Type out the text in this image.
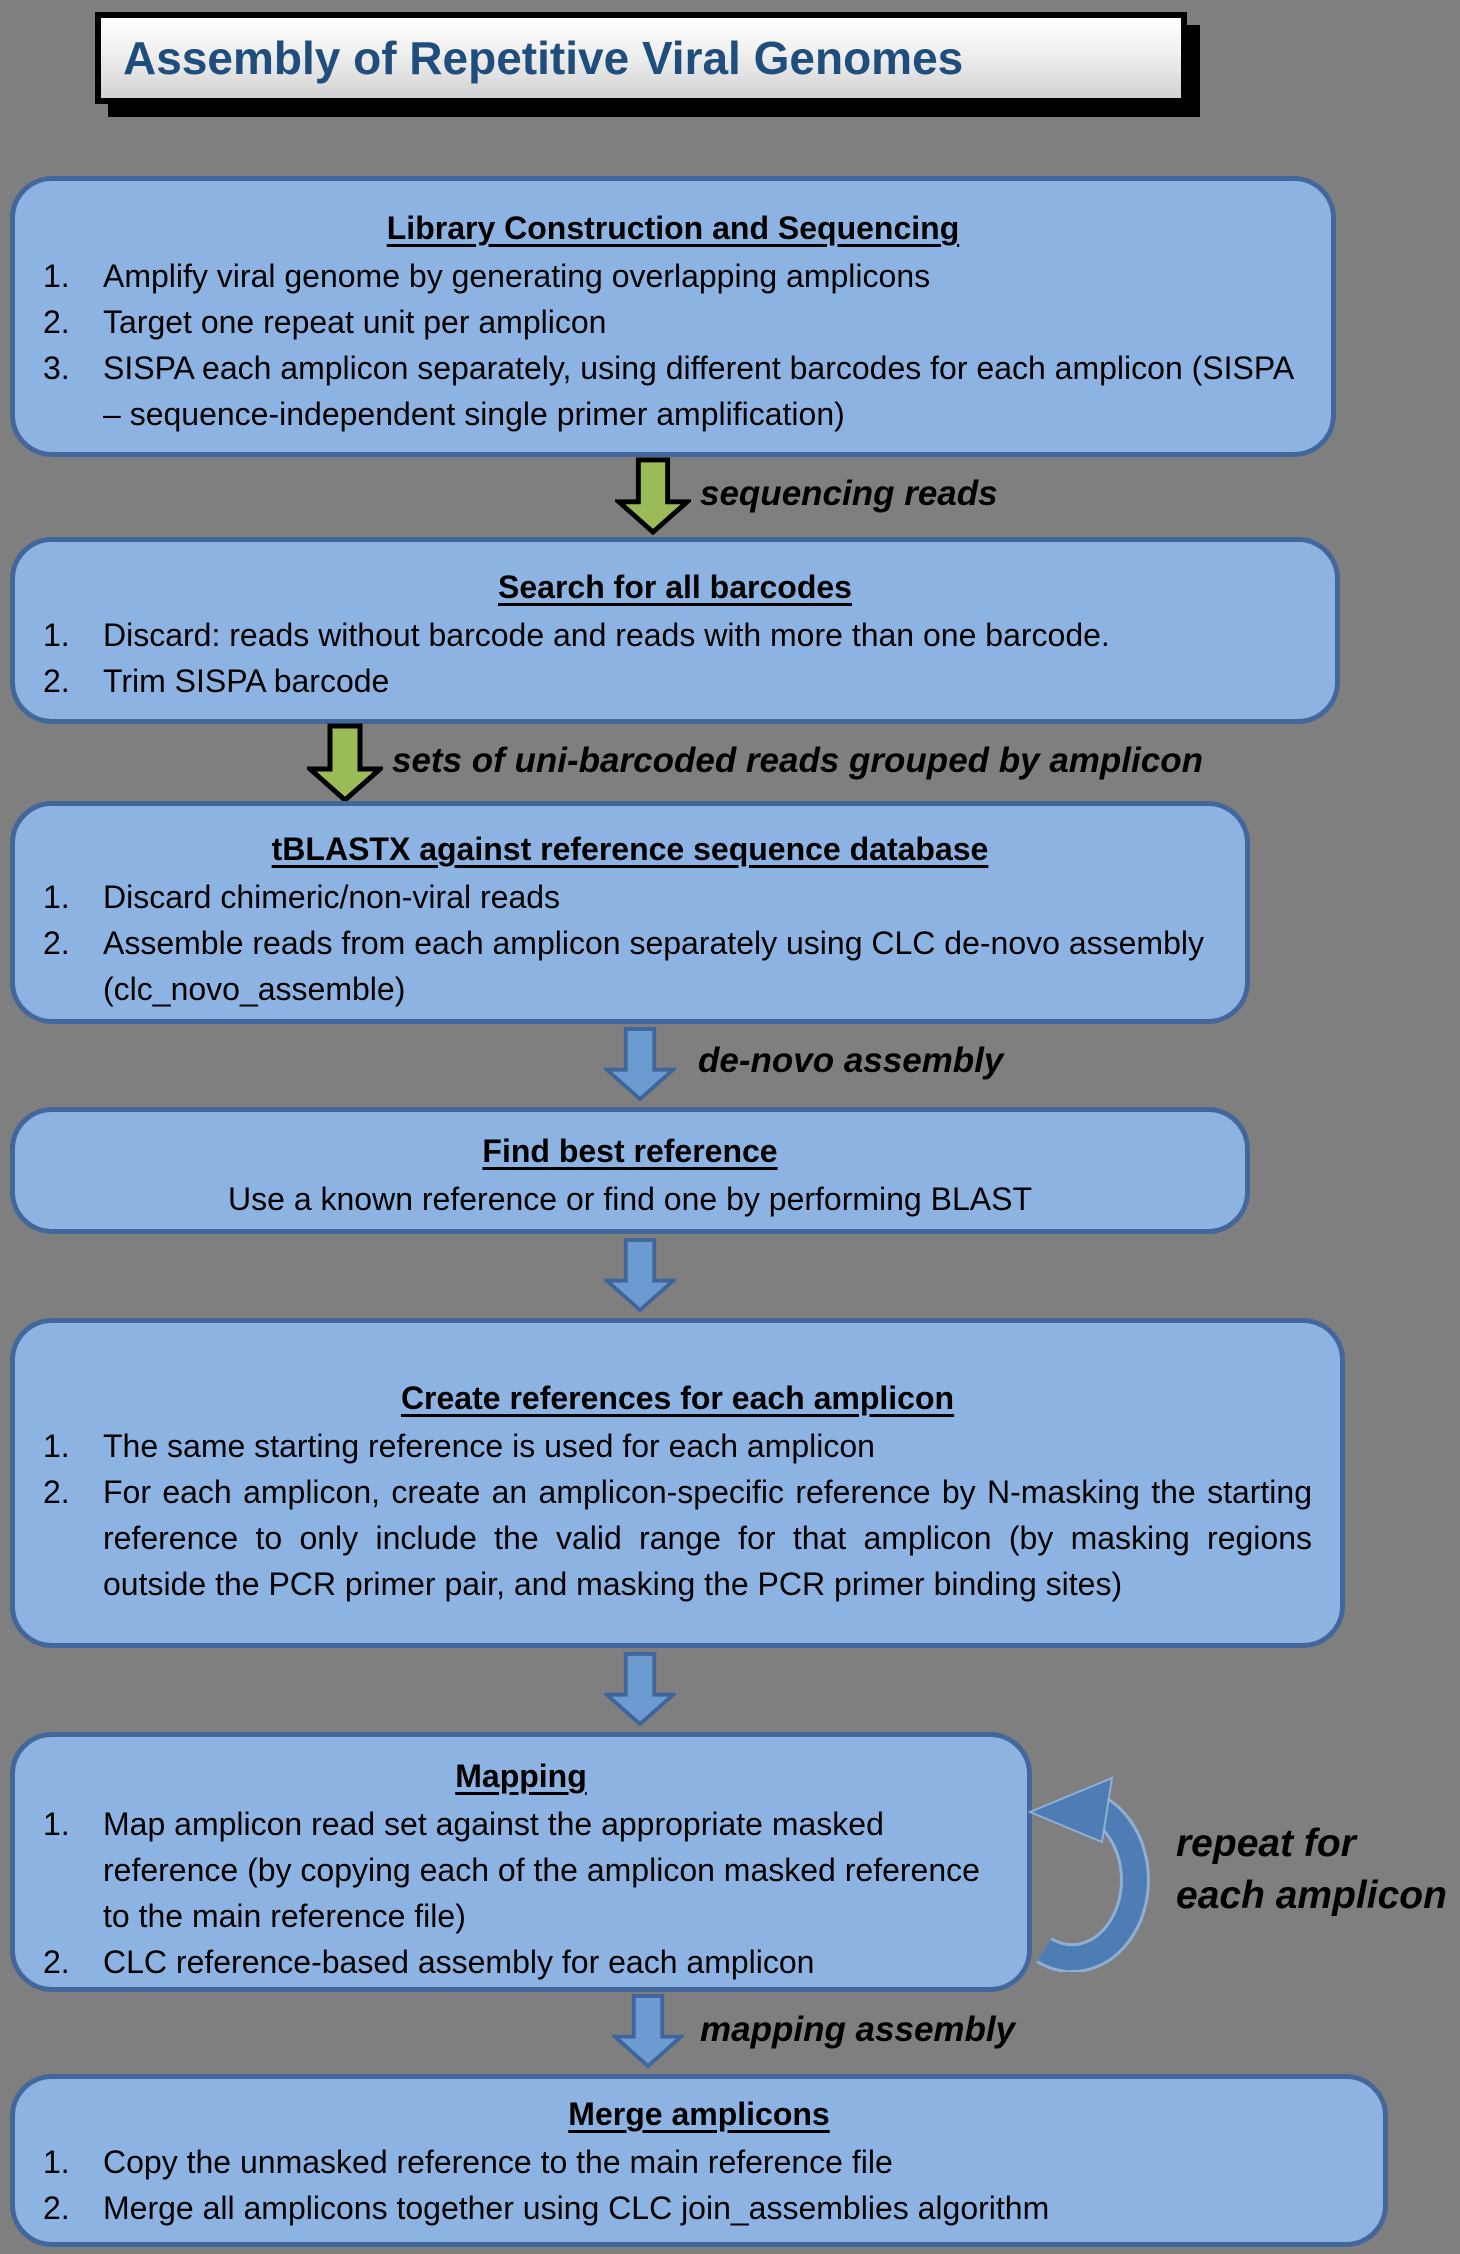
Assembly of Repetitive Viral Genomes
Library Construction and Sequencing
1.	Amplify viral genome by generating overlapping amplicons
2.	Target one repeat unit per amplicon
3.	SISPA each amplicon separately, using different barcodes for each amplicon (SISPA – sequence-independent single primer amplification)
sequencing reads
Search for all barcodes
1.	Discard: reads without barcode and reads with more than one barcode.
2.	Trim SISPA barcode
sets of uni-barcoded reads grouped by amplicon
tBLASTX against reference sequence database
1.	Discard chimeric/non-viral reads
2.	Assemble reads from each amplicon separately using CLC de-novo assembly (clc_novo_assemble)
de-novo assembly
Find best reference
Use a known reference or find one by performing BLAST
Create references for each amplicon
1.	The same starting reference is used for each amplicon
2.	For each amplicon, create an amplicon-specific reference by N-masking the starting reference to only include the valid range for that amplicon (by masking regions outside the PCR primer pair, and masking the PCR primer binding sites)
Mapping
1.	Map amplicon read set against the appropriate masked reference (by copying each of the amplicon masked reference to the main reference file)
2.	CLC reference-based assembly for each amplicon
repeat for
each amplicon
mapping assembly
Merge amplicons
1.	Copy the unmasked reference to the main reference file
2.	Merge all amplicons together using CLC join_assemblies algorithm
